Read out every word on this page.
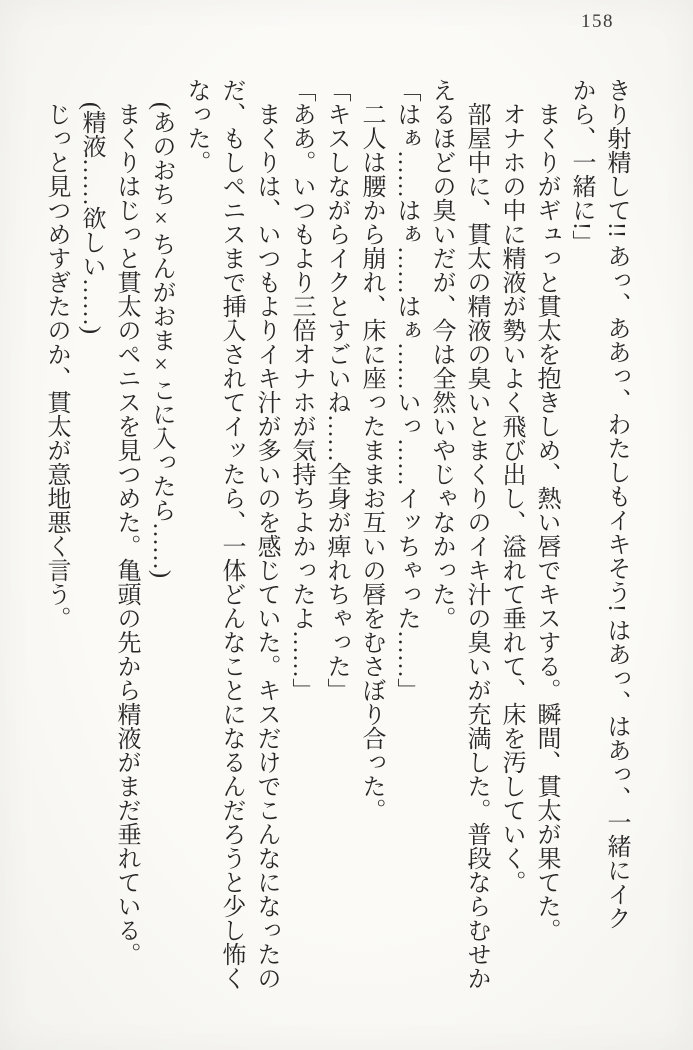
158

きり射精して!! あっ、ああっ、わたしもイキそう! はあっ、はあっ、一緒にイク

から、一緒に!」

まくりがギュっと貫太を抱きしめ、熱い唇でキスする。瞬間、貫太が果てた。

オナホの中に精液が勢いよく飛び出し、溢れて垂れて、床を汚していく。

部屋中に、貫太の精液の臭いとまくりのイキ汁の臭いが充満した。普段ならむせか

えるほどの臭いだが、今は全然いやじゃなかった。

「はぁ……はぁ……はぁ……いっ……イッちゃった……」

二人は腰から崩れ、床に座ったままお互いの唇をむさぼり合った。

「キスしながらイクとすごいね……全身が痺れちゃった」

「ああ。いつもより三倍オナホが気持ちよかったよ……」

まくりは、いつもよりイキ汁が多いのを感じていた。キスだけでこんなになったの

だ、もしペニスまで挿入されてイッたら、一体どんなことになるんだろうと少し怖く

なった。

(あのおち×ちんがおま×こに入ったら……)

まくりはじっと貫太のペニスを見つめた。亀頭の先から精液がまだ垂れている。

(精液……欲しい……)

じっと見つめすぎたのか、貫太が意地悪く言う。
